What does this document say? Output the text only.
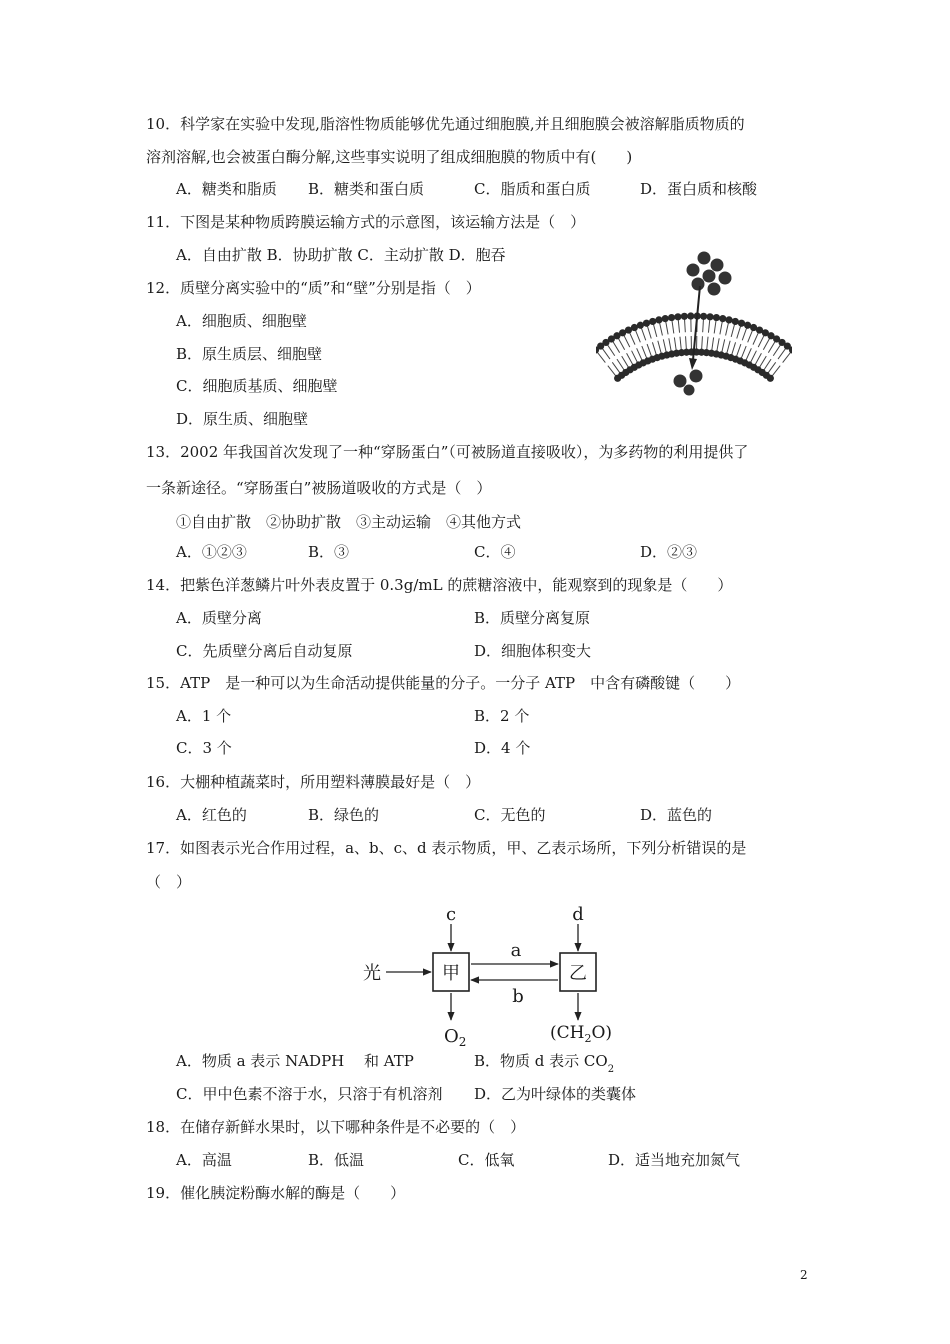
10．科学家在实验中发现,脂溶性物质能够优先通过细胞膜,并且细胞膜会被溶解脂质物质的
溶剂溶解,也会被蛋白酶分解,这些事实说明了组成细胞膜的物质中有(　　)
A．糖类和脂质 B．糖类和蛋白质	C．脂质和蛋白质	D．蛋白质和核酸
11．下图是某种物质跨膜运输方式的示意图，该运输方法是（　）
A．自由扩散 B．协助扩散 C．主动扩散 D．胞吞
12．质壁分离实验中的“质”和“壁”分别是指（　）
A．细胞质、细胞壁
B．原生质层、细胞壁
C．细胞质基质、细胞壁
D．原生质、细胞壁
13．2002 年我国首次发现了一种“穿肠蛋白”（可被肠道直接吸收），为多药物的利用提供了
一条新途径。“穿肠蛋白”被肠道吸收的方式是（　）
①自由扩散　②协助扩散　③主动运输　④其他方式
A．①②③	B．③	C．④	D．②③
14．把紫色洋葱鳞片叶外表皮置于 0.3g/mL 的蔗糖溶液中，能观察到的现象是（　　）
A．质壁分离	B．质壁分离复原
C．先质壁分离后自动复原	D．细胞体积变大
15．ATP　是一种可以为生命活动提供能量的分子。一分子 ATP　中含有磷酸键（　　）
A．1 个	B．2 个
C．3 个	D．4 个
16．大棚种植蔬菜时，所用塑料薄膜最好是（　）
A．红色的	B．绿色的	C．无色的	D．蓝色的
17．如图表示光合作用过程，a、b、c、d 表示物质，甲、乙表示场所，下列分析错误的是
（　）
甲	乙
光
c	d
a
b
$O_2$	$(CH_2O)$
A．物质 a 表示 NADPH　 和 ATP	B．物质 d 表示 $CO_2$
C．甲中色素不溶于水，只溶于有机溶剂 D．乙为叶绿体的类囊体
18．在储存新鲜水果时，以下哪种条件是不必要的（　）
A．高温	B．低温	C．低氧	D．适当地充加氮气
19．催化胰淀粉酶水解的酶是（　　）
2
